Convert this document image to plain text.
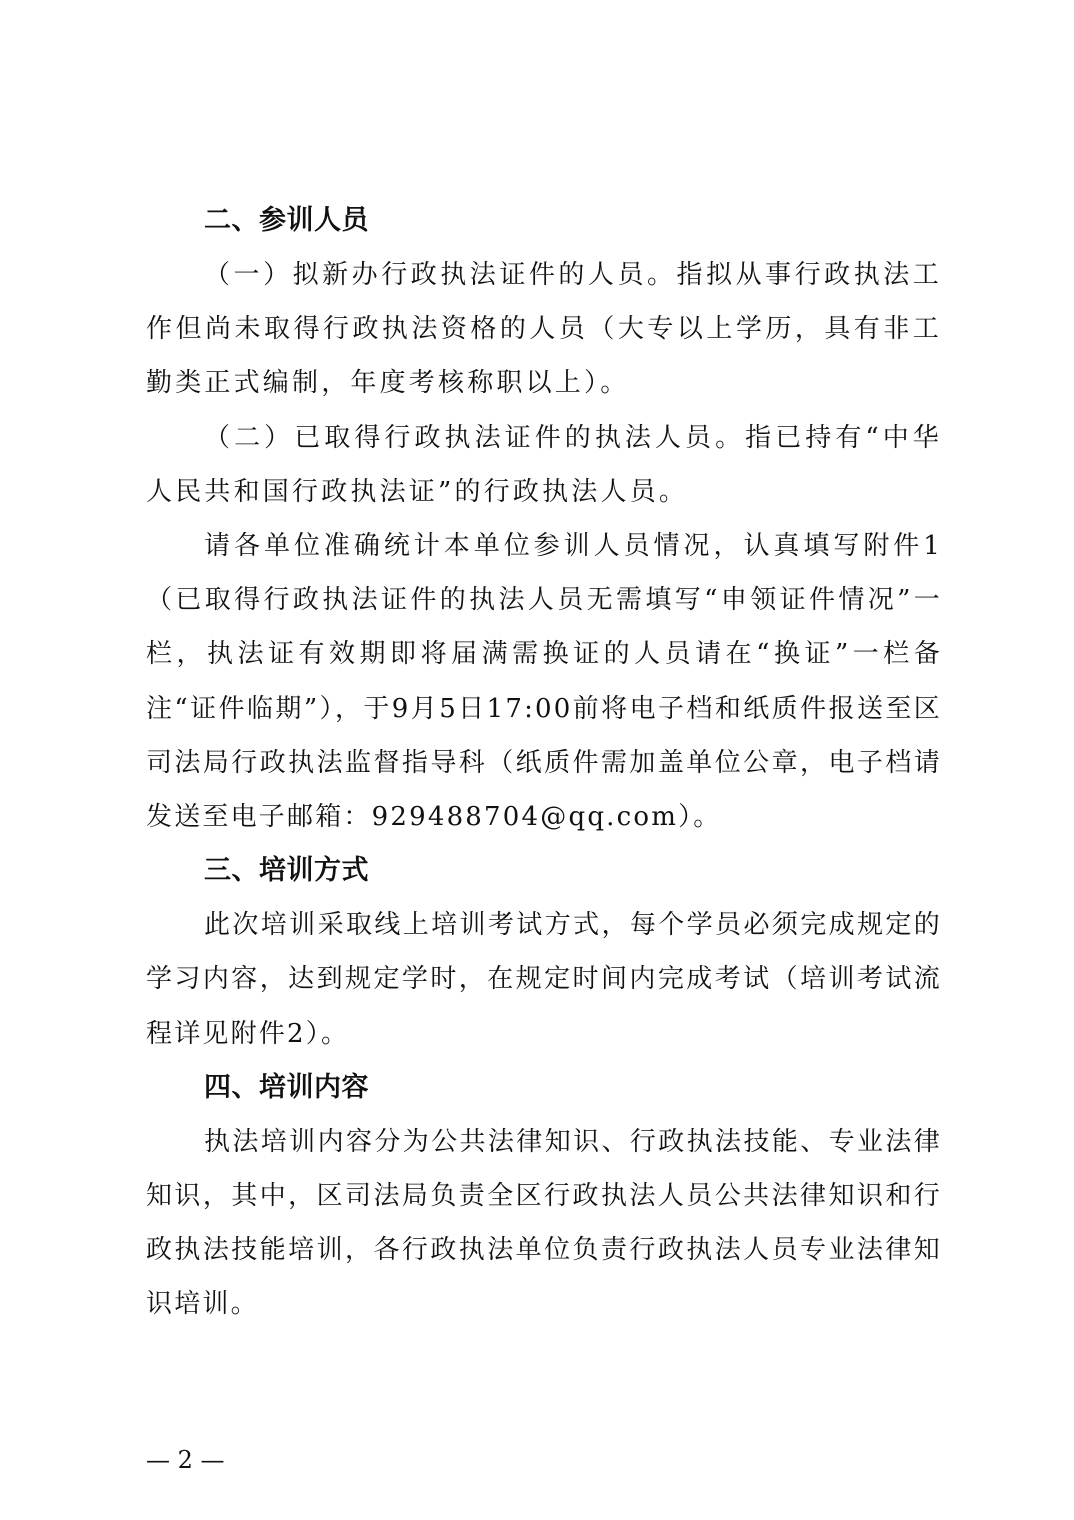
二、参训人员

（一）拟新办行政执法证件的人员。指拟从事行政执法工作但尚未取得行政执法资格的人员（大专以上学历，具有非工勤类正式编制，年度考核称职以上）。

（二）已取得行政执法证件的执法人员。指已持有“中华人民共和国行政执法证”的行政执法人员。

请各单位准确统计本单位参训人员情况，认真填写附件1（已取得行政执法证件的执法人员无需填写“申领证件情况”一栏，执法证有效期即将届满需换证的人员请在“换证”一栏备注“证件临期”），于9月5日17:00前将电子档和纸质件报送至区司法局行政执法监督指导科（纸质件需加盖单位公章，电子档请发送至电子邮箱：929488704@qq.com）。

三、培训方式

此次培训采取线上培训考试方式，每个学员必须完成规定的学习内容，达到规定学时，在规定时间内完成考试（培训考试流程详见附件2）。

四、培训内容

执法培训内容分为公共法律知识、行政执法技能、专业法律知识，其中，区司法局负责全区行政执法人员公共法律知识和行政执法技能培训，各行政执法单位负责行政执法人员专业法律知识培训。

— 2 —
